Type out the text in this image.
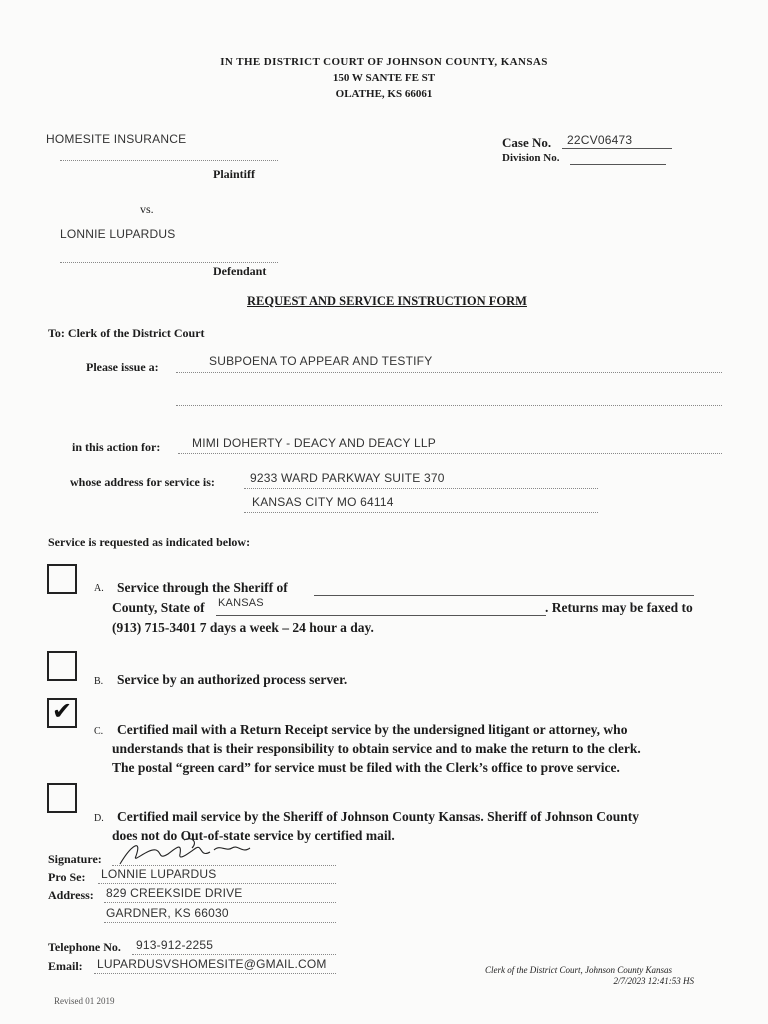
IN THE DISTRICT COURT OF JOHNSON COUNTY, KANSAS
150 W SANTE FE ST
OLATHE, KS 66061
HOMESITE INSURANCE
Plaintiff
Case No. 22CV06473
Division No.
vs.
LONNIE LUPARDUS
Defendant
REQUEST AND SERVICE INSTRUCTION FORM
To: Clerk of the District Court
Please issue a:	SUBPOENA TO APPEAR AND TESTIFY
in this action for:	MIMI DOHERTY - DEACY AND DEACY LLP
whose address for service is:	9233 WARD PARKWAY SUITE 370
KANSAS CITY MO 64114
Service is requested as indicated below:
A. Service through the Sheriff of
County, State of KANSAS	. Returns may be faxed to
(913) 715-3401 7 days a week – 24 hour a day.
B. Service by an authorized process server.
✔
C. Certified mail with a Return Receipt service by the undersigned litigant or attorney, who
understands that is their responsibility to obtain service and to make the return to the clerk.
The postal “green card” for service must be filed with the Clerk’s office to prove service.
D. Certified mail service by the Sheriff of Johnson County Kansas. Sheriff of Johnson County
does not do Out-of-state service by certified mail.
Signature:
Pro Se: LONNIE LUPARDUS
Address: 829 CREEKSIDE DRIVE
GARDNER, KS 66030
Telephone No. 913-912-2255
Email: LUPARDUSVSHOMESITE@GMAIL.COM	Clerk of the District Court, Johnson County Kansas
2/7/2023 12:41:53 HS
Revised 01 2019
